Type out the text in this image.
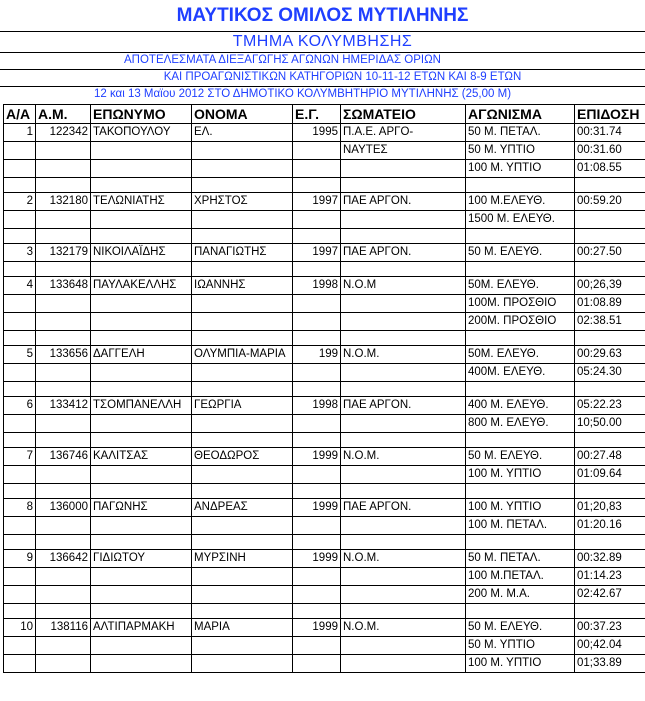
ΜΑΥΤΙΚΟΣ ΟΜΙΛΟΣ ΜΥΤΙΛΗΝΗΣ
ΤΜΗΜΑ ΚΟΛΥΜΒΗΣΗΣ
ΑΠΟΤΕΛΕΣΜΑΤΑ ΔΙΕΞΑΓΩΓΗΣ ΑΓΩΝΩΝ ΗΜΕΡΙΔΑΣ ΟΡΙΩΝ
ΚΑΙ ΠΡΟΑΓΩΝΙΣΤΙΚΩΝ ΚΑΤΗΓΟΡΙΩΝ 10-11-12 ΕΤΩΝ ΚΑΙ 8-9 ΕΤΩΝ
12 και 13 Μαϊου 2012 ΣΤΟ ΔΗΜΟΤΙΚΟ ΚΟΛΥΜΒΗΤΗΡΙΟ ΜΥΤΙΛΗΝΗΣ (25,00 Μ)
Α/Α	Α.Μ.	ΕΠΩΝΥΜΟ	ΟΝΟΜΑ	Ε.Γ.	ΣΩΜΑΤΕΙΟ	ΑΓΩΝΙΣΜΑ	ΕΠΙΔΟΣΗ
1	122342	ΤΑΚΟΠΟΥΛΟΥ	ΕΛ.	1995	Π.Α.Ε. ΑΡΓΟ-	50 Μ. ΠΕΤΑΛ.	00:31.74
					ΝΑΥΤΕΣ	50 Μ. ΥΠΤΙΟ	00:31.60
						100 Μ. ΥΠΤΙΟ	01:08.55

2	132180	ΤΕΛΩΝΙΑΤΗΣ	ΧΡΗΣΤΟΣ	1997	ΠΑΕ ΑΡΓΟΝ.	100 Μ.ΕΛΕΥΘ.	00:59.20
						1500 Μ. ΕΛΕΥΘ.	

3	132179	ΝΙΚΟΙΛΑΪΔΗΣ	ΠΑΝΑΓΙΩΤΗΣ	1997	ΠΑΕ ΑΡΓΟΝ.	50 Μ. ΕΛΕΥΘ.	00:27.50

4	133648	ΠΑΥΛΑΚΕΛΛΗΣ	ΙΩΑΝΝΗΣ	1998	Ν.Ο.Μ	50Μ. ΕΛΕΥΘ.	00;26,39
						100Μ. ΠΡΟΣΘΙΟ	01:08.89
						200Μ. ΠΡΟΣΘΙΟ	02:38.51

5	133656	ΔΑΓΓΕΛΗ	ΟΛΥΜΠΙΑ-ΜΑΡΙΑ	199	Ν.Ο.Μ.	50Μ. ΕΛΕΥΘ.	00:29.63
						400Μ. ΕΛΕΥΘ.	05:24.30

6	133412	ΤΣΟΜΠΑΝΕΛΛΗ	ΓΕΩΡΓΙΑ	1998	ΠΑΕ ΑΡΓΟΝ.	400 Μ. ΕΛΕΥΘ.	05:22.23
						800 Μ. ΕΛΕΥΘ.	10;50.00

7	136746	ΚΑΛΙΤΣΑΣ	ΘΕΟΔΩΡΟΣ	1999	Ν.Ο.Μ.	50 Μ. ΕΛΕΥΘ.	00:27.48
						100 Μ. ΥΠΤΙΟ	01:09.64

8	136000	ΠΑΓΩΝΗΣ	ΑΝΔΡΕΑΣ	1999	ΠΑΕ ΑΡΓΟΝ.	100 Μ. ΥΠΤΙΟ	01;20,83
						100 Μ. ΠΕΤΑΛ.	01:20.16

9	136642	ΓΙΔΙΩΤΟΥ	ΜΥΡΣΙΝΗ	1999	Ν.Ο.Μ.	50 Μ. ΠΕΤΑΛ.	00:32.89
						100 Μ.ΠΕΤΑΛ.	01:14.23
						200 Μ. Μ.Α.	02:42.67

10	138116	ΑΛΤΙΠΑΡΜΑΚΗ	ΜΑΡΙΑ	1999	Ν.Ο.Μ.	50 Μ. ΕΛΕΥΘ.	00:37.23
						50 Μ. ΥΠΤΙΟ	00;42.04
						100 Μ. ΥΠΤΙΟ	01;33.89
